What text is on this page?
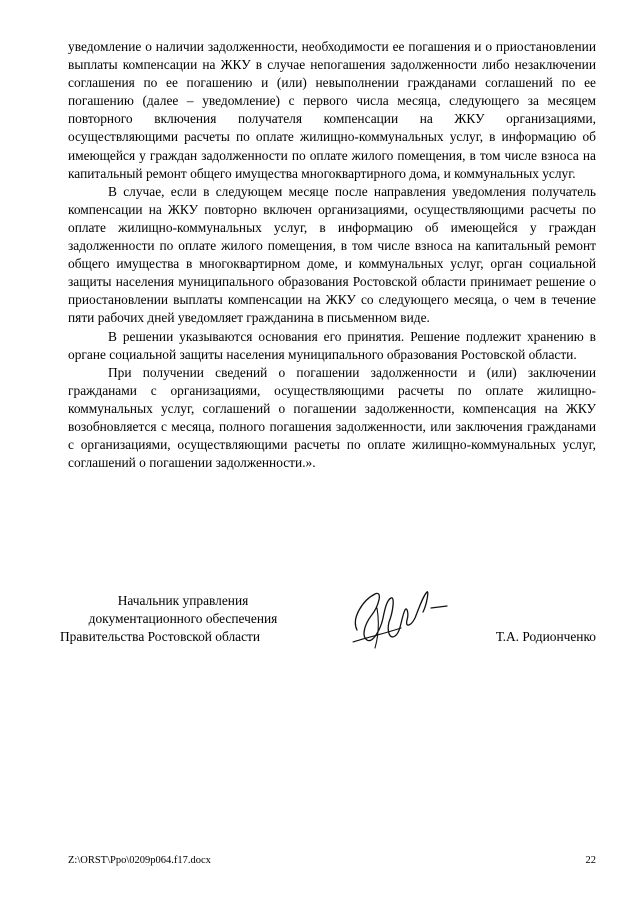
уведомление о наличии задолженности, необходимости ее погашения и о приостановлении выплаты компенсации на ЖКУ в случае непогашения задолженности либо незаключении соглашения по ее погашению и (или) невыполнении гражданами соглашений по ее погашению (далее – уведомление) с первого числа месяца, следующего за месяцем повторного включения получателя компенсации на ЖКУ организациями, осуществляющими расчеты по оплате жилищно-коммунальных услуг, в информацию об имеющейся у граждан задолженности по оплате жилого помещения, в том числе взноса на капитальный ремонт общего имущества многоквартирного дома, и коммунальных услуг.

В случае, если в следующем месяце после направления уведомления получатель компенсации на ЖКУ повторно включен организациями, осуществляющими расчеты по оплате жилищно-коммунальных услуг, в информацию об имеющейся у граждан задолженности по оплате жилого помещения, в том числе взноса на капитальный ремонт общего имущества в многоквартирном доме, и коммунальных услуг, орган социальной защиты населения муниципального образования Ростовской области принимает решение о приостановлении выплаты компенсации на ЖКУ со следующего месяца, о чем в течение пяти рабочих дней уведомляет гражданина в письменном виде.

В решении указываются основания его принятия. Решение подлежит хранению в органе социальной защиты населения муниципального образования Ростовской области.

При получении сведений о погашении задолженности и (или) заключении гражданами с организациями, осуществляющими расчеты по оплате жилищно-коммунальных услуг, соглашений о погашении задолженности, компенсация на ЖКУ возобновляется с месяца, полного погашения задолженности, или заключения гражданами с организациями, осуществляющими расчеты по оплате жилищно-коммунальных услуг, соглашений о погашении задолженности.».

Начальник управления
документационного обеспечения
Правительства Ростовской области	Т.А. Родионченко
Z:\ORST\Ppo\0209p064.f17.docx	22
